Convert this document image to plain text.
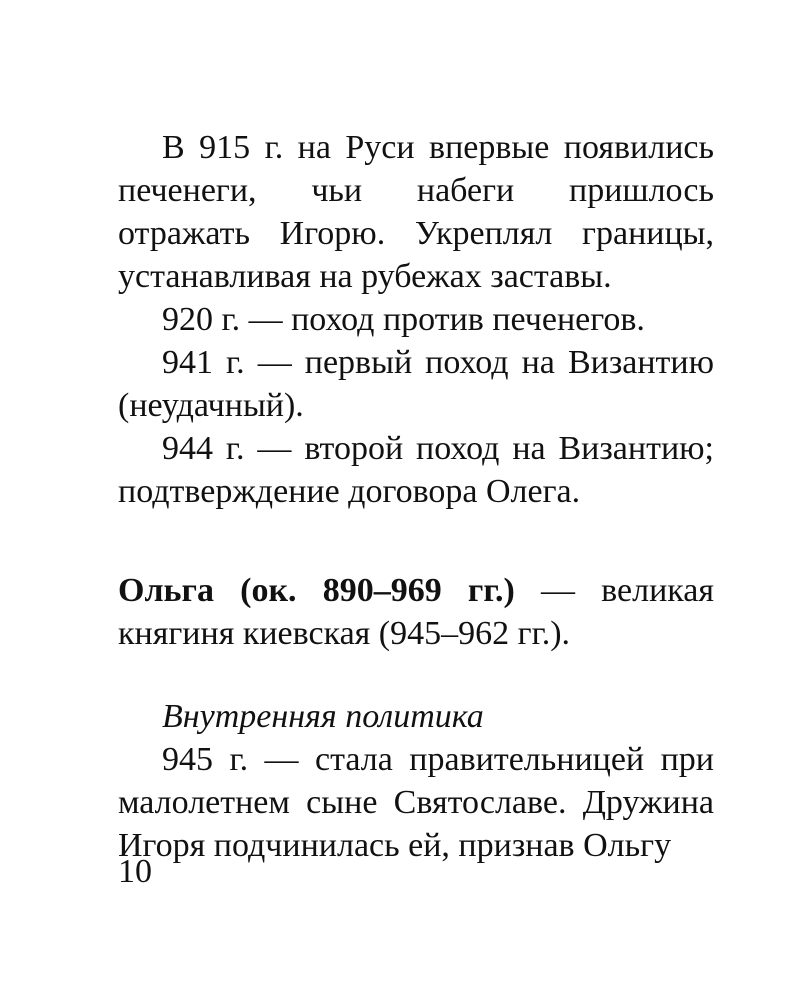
В 915 г. на Руси впервые появились печенеги, чьи набеги пришлось отражать Игорю. Укреплял границы, устанавливая на рубежах заставы.

920 г. — поход против печенегов.

941 г. — первый поход на Византию (неудачный).

944 г. — второй поход на Византию; подтверждение договора Олега.

Ольга (ок. 890–969 гг.) — великая княгиня киевская (945–962 гг.).

Внутренняя политика

945 г. — стала правительницей при малолетнем сыне Святославе. Дружина Игоря подчинилась ей, признав Ольгу

10
